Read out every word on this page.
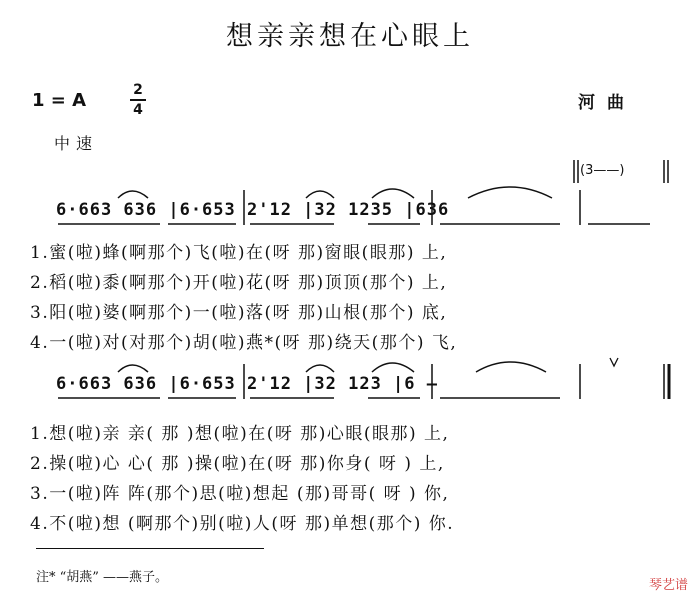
想亲亲想在心眼上
1 = A	2
4	河曲
中速
6·663 636 |6·653 2'12 |32 1235 |636
(3——)
6·663 636 |6·653 2'12 |32 123 |6 —
1.蜜(啦)蜂(啊那个)飞(啦)在(呀 那)窗眼(眼那) 上,
2.稻(啦)黍(啊那个)开(啦)花(呀 那)顶顶(那个) 上,
3.阳(啦)婆(啊那个)一(啦)落(呀 那)山根(那个) 底,
4.一(啦)对(对那个)胡(啦)燕*(呀 那)绕天(那个) 飞,
1.想(啦)亲 亲( 那 )想(啦)在(呀 那)心眼(眼那) 上,
2.操(啦)心 心( 那 )操(啦)在(呀 那)你身( 呀 ) 上,
3.一(啦)阵 阵(那个)思(啦)想起 (那)哥哥( 呀 ) 你,
4.不(啦)想 (啊那个)别(啦)人(呀 那)单想(那个) 你.
注* “胡燕” ——燕子。
琴艺谱
